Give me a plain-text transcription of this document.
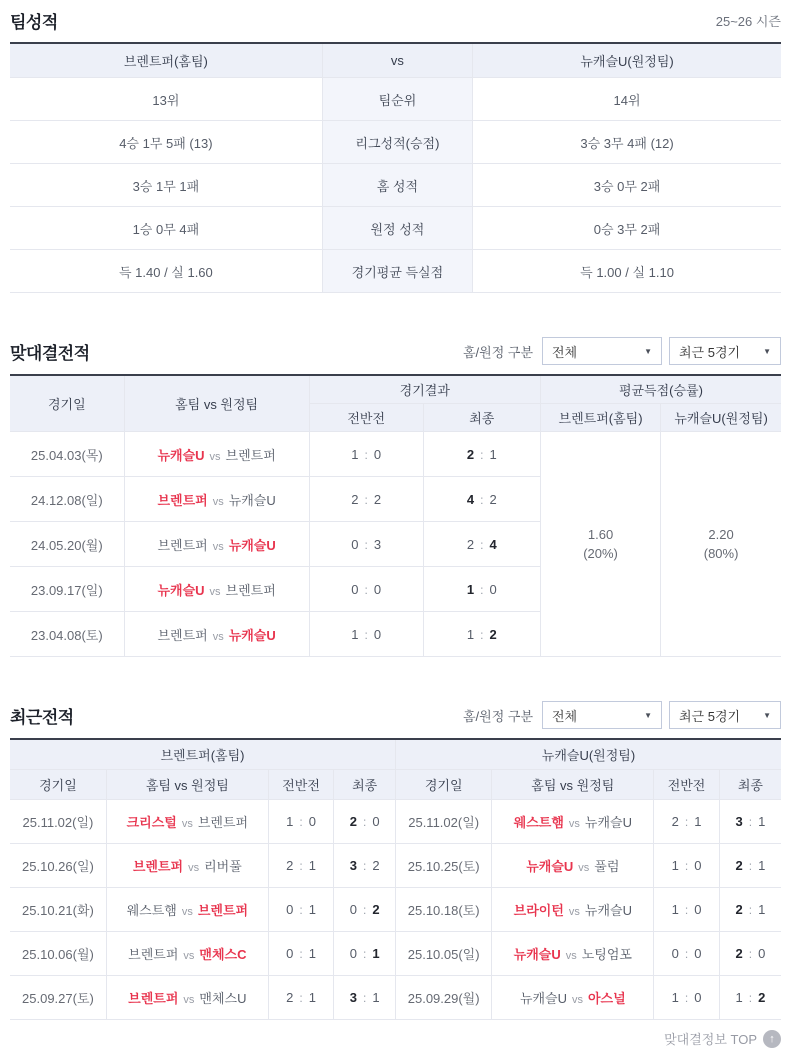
팀성적	25~26 시즌
브렌트퍼(홈팀)	vs	뉴캐슬U(원정팀)
13위	팀순위	14위
4승 1무 5패 (13)	리그성적(승점)	3승 3무 4패 (12)
3승 1무 1패	홈 성적	3승 0무 2패
1승 0무 4패	원정 성적	0승 3무 2패
득 1.40 / 실 1.60	경기평균 득실점	득 1.00 / 실 1.10
맞대결전적	홈/원정 구분 전체	▼ 최근 5경기	▼
경기일	홈팀 vs 원정팀	경기결과		평균득점(승률)	
		전반전	최종	브렌트퍼(홈팀)	뉴캐슬U(원정팀)
25.04.03(목)	뉴캐슬U vs 브렌트퍼	1 : 0	2 : 1	
1.60
(20%)

2.20
(80%)

24.12.08(일)	브렌트퍼 vs 뉴캐슬U	2 : 2	4 : 2		
24.05.20(월)	브렌트퍼 vs 뉴캐슬U	0 : 3	2 : 4		
23.09.17(일)	뉴캐슬U vs 브렌트퍼	0 : 0	1 : 0		
23.04.08(토)	브렌트퍼 vs 뉴캐슬U	1 : 0	1 : 2		
최근전적	홈/원정 구분 전체	▼ 최근 5경기	▼
브렌트퍼(홈팀)				뉴캐슬U(원정팀)			
경기일	홈팀 vs 원정팀	전반전	최종	경기일	홈팀 vs 원정팀	전반전	최종
25.11.02(일)	크리스털 vs 브렌트퍼	1 : 0	2 : 0	25.11.02(일)	웨스트햄 vs 뉴캐슬U	2 : 1	3 : 1
25.10.26(일)	브렌트퍼 vs 리버풀	2 : 1	3 : 2	25.10.25(토)	뉴캐슬U vs 풀럼	1 : 0	2 : 1
25.10.21(화)	웨스트햄 vs 브렌트퍼	0 : 1	0 : 2	25.10.18(토)	브라이턴 vs 뉴캐슬U	1 : 0	2 : 1
25.10.06(월)	브렌트퍼 vs 맨체스C	0 : 1	0 : 1	25.10.05(일)	뉴캐슬U vs 노팅엄포	0 : 0	2 : 0
25.09.27(토)	브렌트퍼 vs 맨체스U	2 : 1	3 : 1	25.09.29(월)	뉴캐슬U vs 아스널	1 : 0	1 : 2
맞대결정보 TOP	↑
